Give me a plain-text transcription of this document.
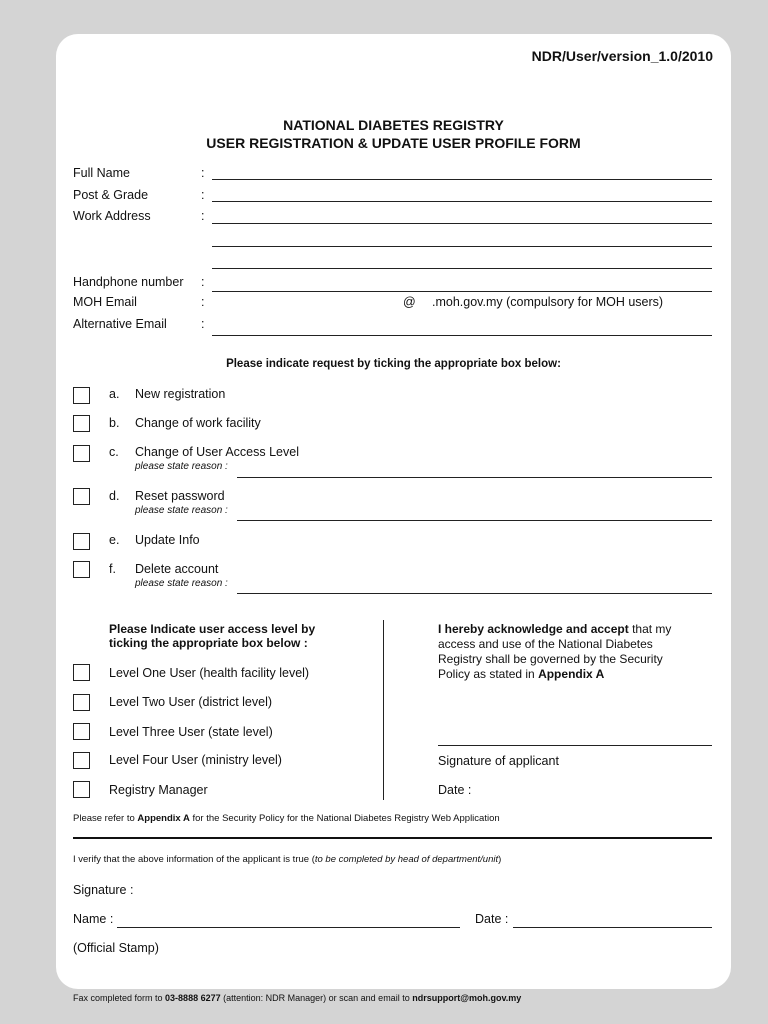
NDR/User/version_1.0/2010
NATIONAL DIABETES REGISTRY
USER REGISTRATION & UPDATE USER PROFILE FORM
Full Name	:
Post & Grade	:
Work Address	:
Handphone number :
MOH Email	:	@ .moh.gov.my (compulsory for MOH users)
Alternative Email	:
Please indicate request by ticking the appropriate box below:
a. New registration
b. Change of work facility
c. Change of User Access Level
please state reason :
d. Reset password
please state reason :
e. Update Info
f. Delete account
please state reason :
Please Indicate user access level by
ticking the appropriate box below :
Level One User (health facility level)
Level Two User (district level)
Level Three User (state level)
Level Four User (ministry level)
Registry Manager
I hereby acknowledge and accept that my
access and use of the National Diabetes
Registry shall be governed by the Security
Policy as stated in Appendix A
Signature of applicant
Date :
Please refer to Appendix A for the Security Policy for the National Diabetes Registry Web Application
I verify that the above information of the applicant is true (to be completed by head of department/unit)
Signature :
Name :	Date :
(Official Stamp)
Fax completed form to 03-8888 6277 (attention: NDR Manager) or scan and email to ndrsupport@moh.gov.my
